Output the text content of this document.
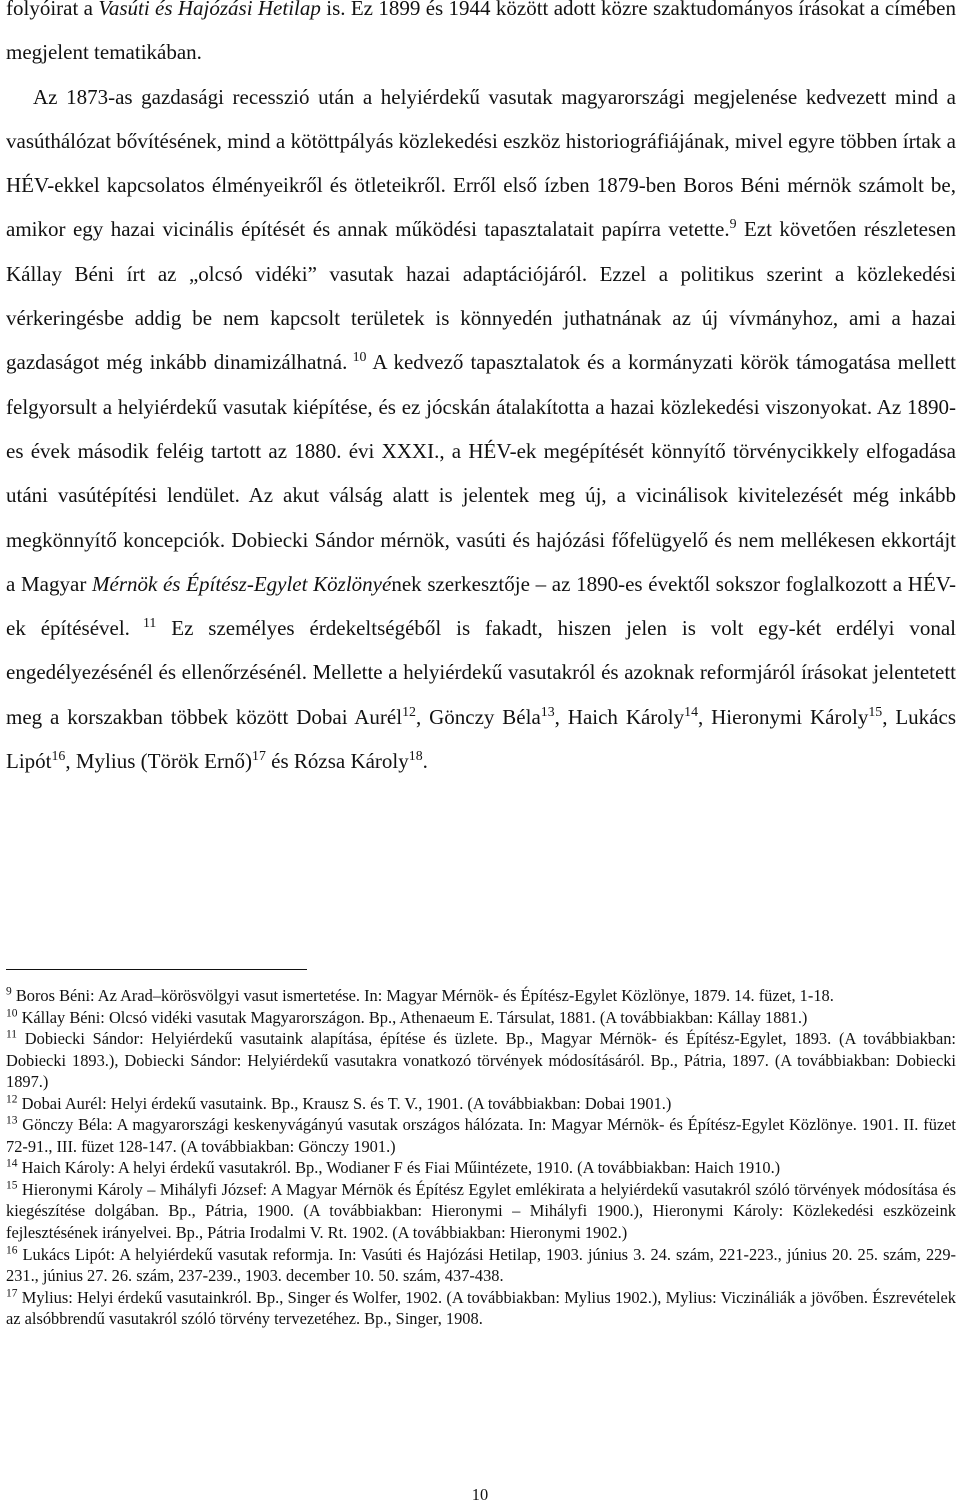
folyóirat a Vasúti és Hajózási Hetilap is. Ez 1899 és 1944 között adott közre szaktudományos írásokat a címében megjelent tematikában.

Az 1873-as gazdasági recesszió után a helyiérdekű vasutak magyarországi megjelenése kedvezett mind a vasúthálózat bővítésének, mind a kötöttpályás közlekedési eszköz historiográfiájának, mivel egyre többen írtak a HÉV-ekkel kapcsolatos élményeikről és ötleteikről. Erről első ízben 1879-ben Boros Béni mérnök számolt be, amikor egy hazai vicinális építését és annak működési tapasztalatait papírra vetette.$^9$ Ezt követően részletesen Kállay Béni írt az „olcsó vidéki” vasutak hazai adaptációjáról. Ezzel a politikus szerint a közlekedési vérkeringésbe addig be nem kapcsolt területek is könnyedén juthatnának az új vívmányhoz, ami a hazai gazdaságot még inkább dinamizálhatná. $^{10}$ A kedvező tapasztalatok és a kormányzati körök támogatása mellett felgyorsult a helyiérdekű vasutak kiépítése, és ez jócskán átalakította a hazai közlekedési viszonyokat. Az 1890-es évek második feléig tartott az 1880. évi XXXI., a HÉV-ek megépítését könnyítő törvénycikkely elfogadása utáni vasútépítési lendület. Az akut válság alatt is jelentek meg új, a vicinálisok kivitelezését még inkább megkönnyítő koncepciók. Dobiecki Sándor mérnök, vasúti és hajózási főfelügyelő és nem mellékesen ekkortájt a Magyar Mérnök és Építész-Egylet Közlönyének szerkesztője – az 1890-es évektől sokszor foglalkozott a HÉV-ek építésével. $^{11}$ Ez személyes érdekeltségéből is fakadt, hiszen jelen is volt egy-két erdélyi vonal engedélyezésénél és ellenőrzésénél. Mellette a helyiérdekű vasutakról és azoknak reformjáról írásokat jelentetett meg a korszakban többek között Dobai Aurél$^{12}$, Gönczy Béla$^{13}$, Haich Károly$^{14}$, Hieronymi Károly$^{15}$, Lukács Lipót$^{16}$, Mylius (Török Ernő)$^{17}$ és Rózsa Károly$^{18}$.

$^9$ Boros Béni: Az Arad–körösvölgyi vasut ismertetése. In: Magyar Mérnök- és Építész-Egylet Közlönye, 1879. 14. füzet, 1-18.

$^{10}$ Kállay Béni: Olcsó vidéki vasutak Magyarországon. Bp., Athenaeum E. Társulat, 1881. (A továbbiakban: Kállay 1881.)

$^{11}$ Dobiecki Sándor: Helyiérdekű vasutaink alapítása, építése és üzlete. Bp., Magyar Mérnök- és Építész-Egylet, 1893. (A továbbiakban: Dobiecki 1893.), Dobiecki Sándor: Helyiérdekű vasutakra vonatkozó törvények módosításáról. Bp., Pátria, 1897. (A továbbiakban: Dobiecki 1897.)

$^{12}$ Dobai Aurél: Helyi érdekű vasutaink. Bp., Krausz S. és T. V., 1901. (A továbbiakban: Dobai 1901.)

$^{13}$ Gönczy Béla: A magyarországi keskenyvágányú vasutak országos hálózata. In: Magyar Mérnök- és Építész-Egylet Közlönye. 1901. II. füzet 72-91., III. füzet 128-147. (A továbbiakban: Gönczy 1901.)

$^{14}$ Haich Károly: A helyi érdekű vasutakról. Bp., Wodianer F és Fiai Műintézete, 1910. (A továbbiakban: Haich 1910.)

$^{15}$ Hieronymi Károly – Mihályfi József: A Magyar Mérnök és Építész Egylet emlékirata a helyiérdekű vasutakról szóló törvények módosítása és kiegészítése dolgában. Bp., Pátria, 1900. (A továbbiakban: Hieronymi – Mihályfi 1900.), Hieronymi Károly: Közlekedési eszközeink fejlesztésének irányelvei. Bp., Pátria Irodalmi V. Rt. 1902. (A továbbiakban: Hieronymi 1902.)

$^{16}$ Lukács Lipót: A helyiérdekű vasutak reformja. In: Vasúti és Hajózási Hetilap, 1903. június 3. 24. szám, 221-223., június 20. 25. szám, 229-231., június 27. 26. szám, 237-239., 1903. december 10. 50. szám, 437-438.

$^{17}$ Mylius: Helyi érdekű vasutainkról. Bp., Singer és Wolfer, 1902. (A továbbiakban: Mylius 1902.), Mylius: Viczináliák a jövőben. Észrevételek az alsóbbrendű vasutakról szóló törvény tervezetéhez. Bp., Singer, 1908.

10
